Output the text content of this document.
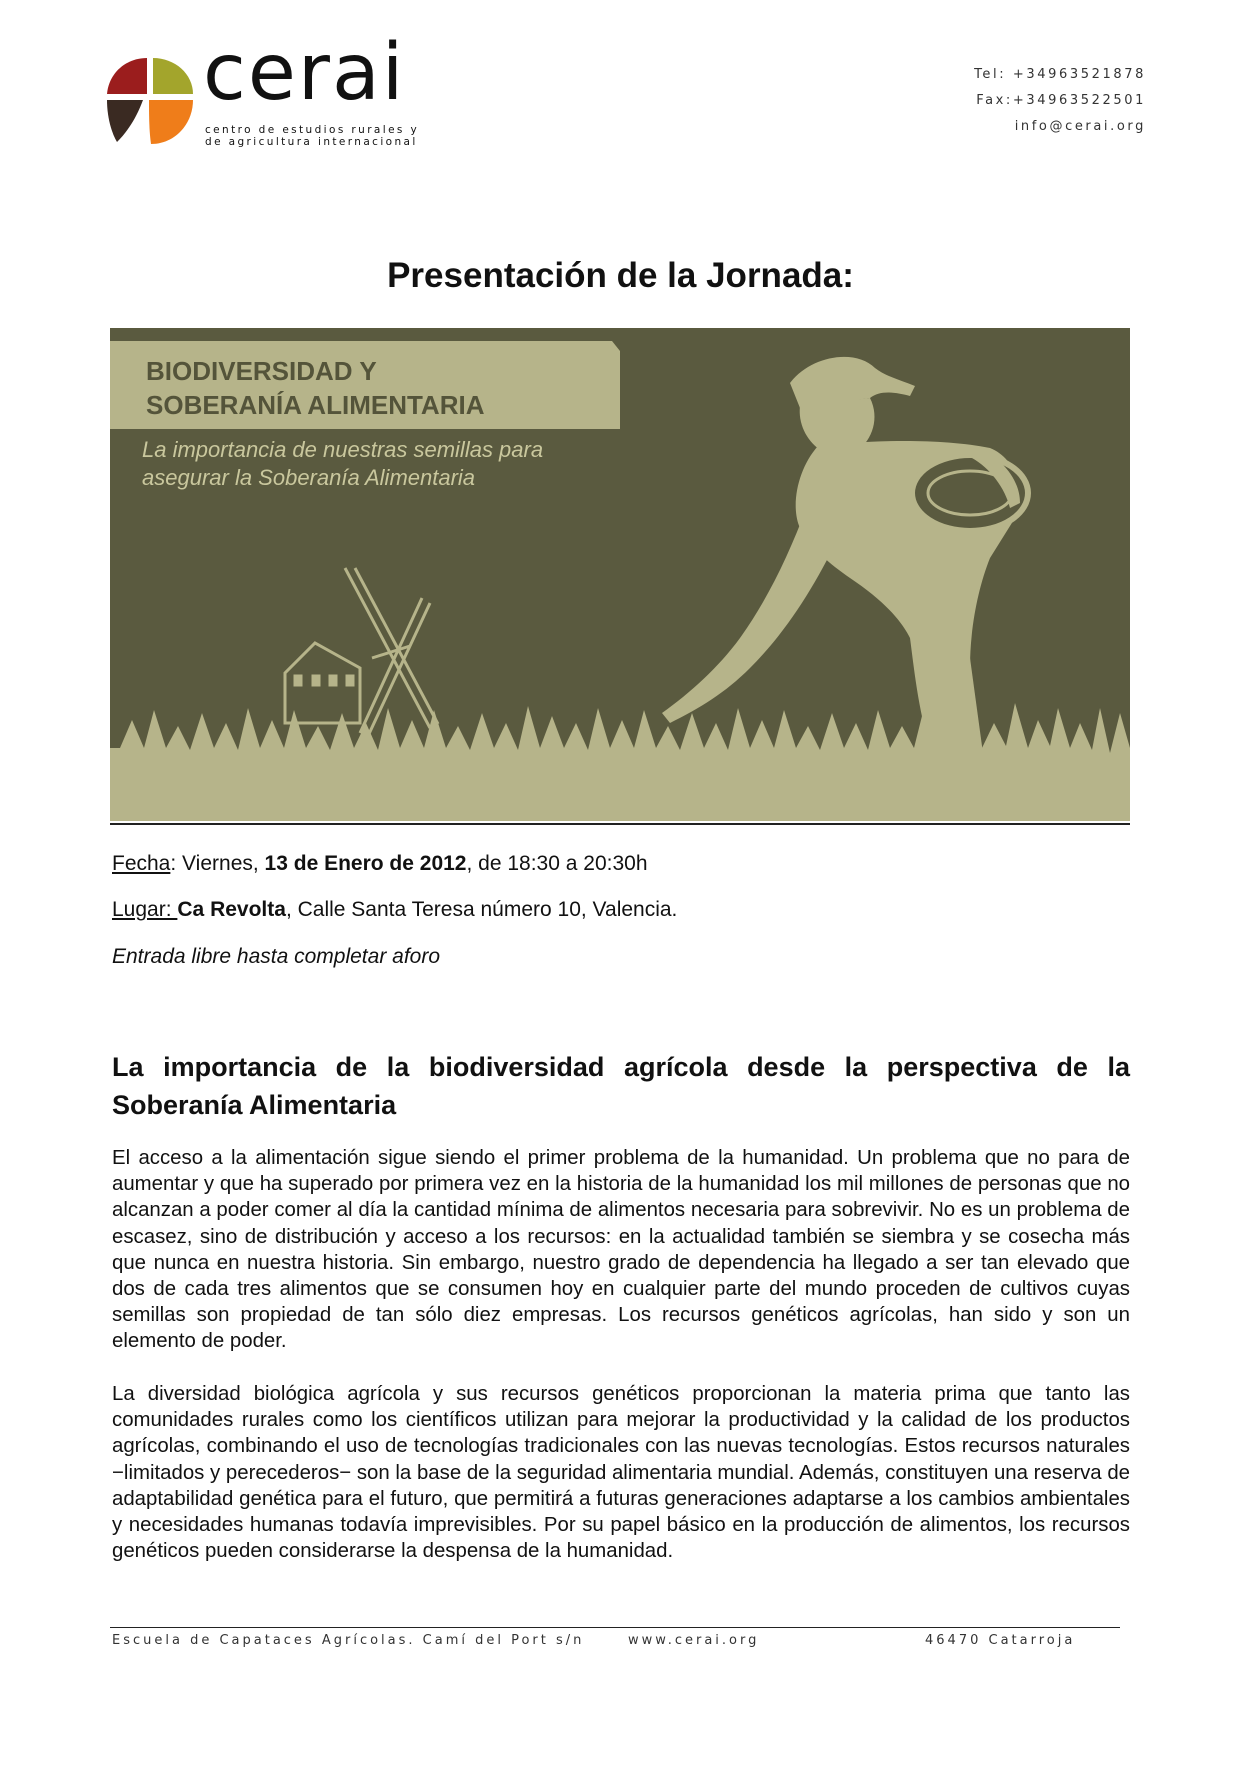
cerai
centro de estudios rurales y
de agricultura internacional
Tel: +34963521878
Fax:+34963522501
info@cerai.org
Presentación de la Jornada:
BIODIVERSIDAD Y
SOBERANÍA ALIMENTARIA
La importancia de nuestras semillas para
asegurar la Soberanía Alimentaria
Fecha: Viernes, 13 de Enero de 2012, de 18:30 a 20:30h
Lugar: Ca Revolta, Calle Santa Teresa número 10, Valencia.
Entrada libre hasta completar aforo
La importancia de la biodiversidad agrícola desde la perspectiva de la Soberanía Alimentaria
El acceso a la alimentación sigue siendo el primer problema de la humanidad. Un problema que no para de aumentar y que ha superado por primera vez en la historia de la humanidad los mil millones de personas que no alcanzan a poder comer al día la cantidad mínima de alimentos necesaria para sobrevivir. No es un problema de escasez, sino de distribución y acceso a los recursos: en la actualidad también se siembra y se cosecha más que nunca en nuestra historia. Sin embargo, nuestro grado de dependencia ha llegado a ser tan elevado que dos de cada tres alimentos que se consumen hoy en cualquier parte del mundo proceden de cultivos cuyas semillas son propiedad de tan sólo diez empresas. Los recursos genéticos agrícolas, han sido y son un elemento de poder.
La diversidad biológica agrícola y sus recursos genéticos proporcionan la materia prima que tanto las comunidades rurales como los científicos utilizan para mejorar la productividad y la calidad de los productos agrícolas, combinando el uso de tecnologías tradicionales con las nuevas tecnologías. Estos recursos naturales −limitados y perecederos− son la base de la seguridad alimentaria mundial. Además, constituyen una reserva de adaptabilidad genética para el futuro, que permitirá a futuras generaciones adaptarse a los cambios ambientales y necesidades humanas todavía imprevisibles. Por su papel básico en la producción de alimentos, los recursos genéticos pueden considerarse la despensa de la humanidad.
Escuela de Capataces Agrícolas. Camí del Port s/n	www.cerai.org	46470 Catarroja
